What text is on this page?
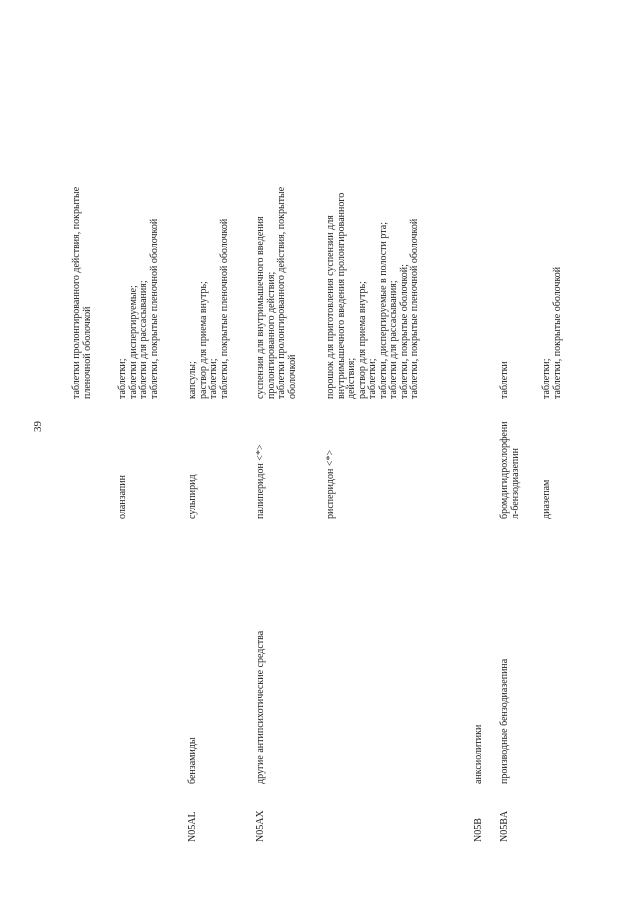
39
таблетки пролонгированного действия, покрытые пленочной оболочкой
оланзапин
таблетки; таблетки диспергируемые; таблетки для рассасывания; таблетки, покрытые пленочной оболочкой
N05AL
бензамиды
сульпирид
капсулы; раствор для приема внутрь; таблетки; таблетки, покрытые пленочной оболочкой
N05AX
другие антипсихотические средства
палиперидон <*>
суспензия для внутримышечного введения пролонгированного действия; таблетки пролонгированного действия, покрытые оболочкой
рисперидон <*>
порошок для приготовления суспензии для внутримышечного введения пролонгированного действия; раствор для приема внутрь; таблетки; таблетки, диспергируемые в полости рта; таблетки для рассасывания; таблетки, покрытые оболочкой; таблетки, покрытые пленочной оболочкой
N05B
анксиолитики
N05BA
производные бензодиазепина
бромдигидрохлорфени л-бензодиазепин
таблетки
диазепам
таблетки; таблетки, покрытые оболочкой
